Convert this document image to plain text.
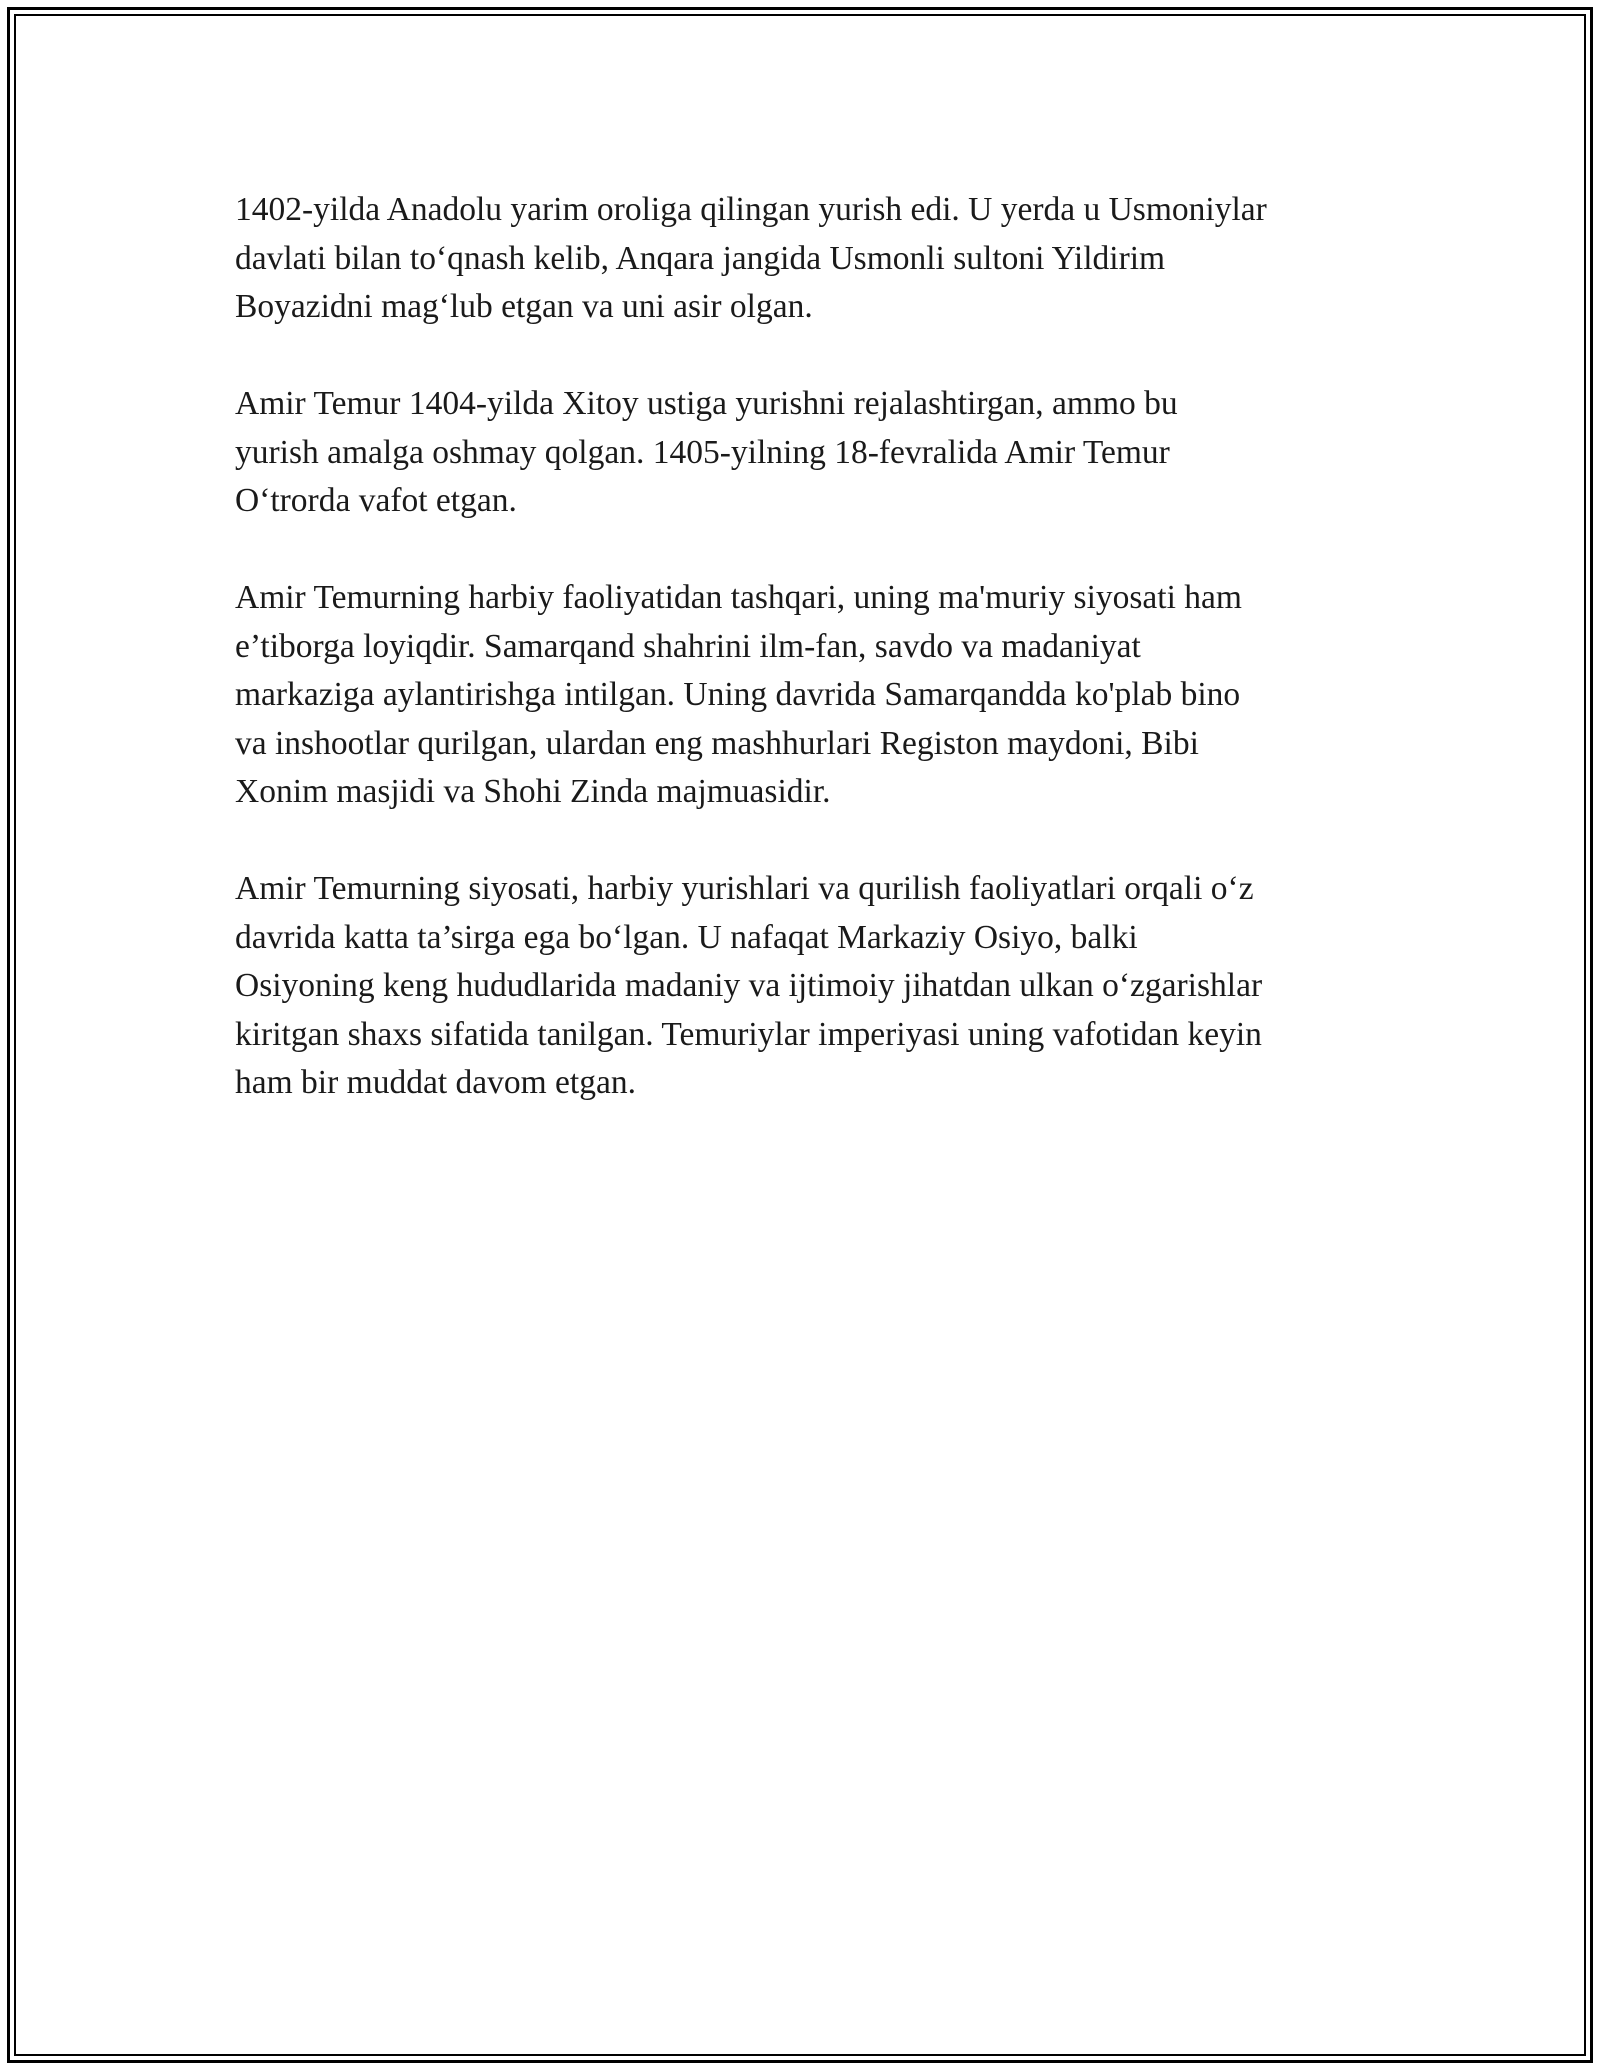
1402-yilda Anadolu yarim oroliga qilingan yurish edi. U yerda u Usmoniylar
davlati bilan to‘qnash kelib, Anqara jangida Usmonli sultoni Yildirim
Boyazidni mag‘lub etgan va uni asir olgan.

Amir Temur 1404-yilda Xitoy ustiga yurishni rejalashtirgan, ammo bu
yurish amalga oshmay qolgan. 1405-yilning 18-fevralida Amir Temur
O‘trorda vafot etgan.

Amir Temurning harbiy faoliyatidan tashqari, uning ma'muriy siyosati ham
e’tiborga loyiqdir. Samarqand shahrini ilm-fan, savdo va madaniyat
markaziga aylantirishga intilgan. Uning davrida Samarqandda ko'plab bino
va inshootlar qurilgan, ulardan eng mashhurlari Registon maydoni, Bibi
Xonim masjidi va Shohi Zinda majmuasidir.

Amir Temurning siyosati, harbiy yurishlari va qurilish faoliyatlari orqali o‘z
davrida katta ta’sirga ega bo‘lgan. U nafaqat Markaziy Osiyo, balki
Osiyoning keng hududlarida madaniy va ijtimoiy jihatdan ulkan o‘zgarishlar
kiritgan shaxs sifatida tanilgan. Temuriylar imperiyasi uning vafotidan keyin
ham bir muddat davom etgan.
